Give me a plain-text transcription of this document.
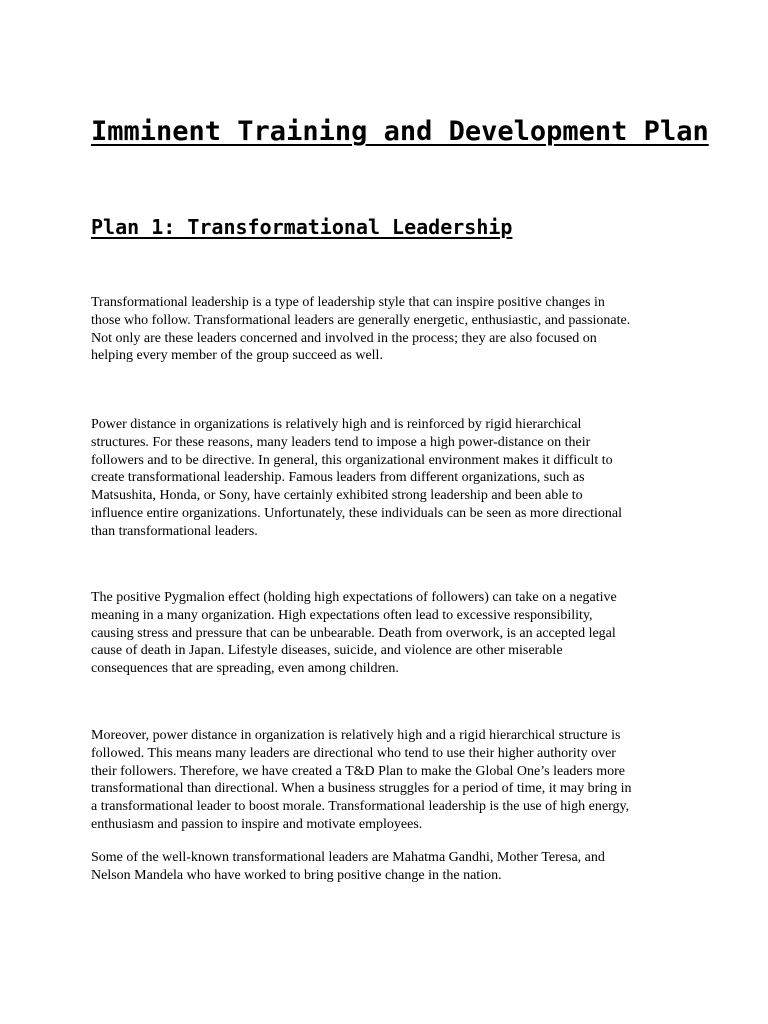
Imminent Training and Development Plan
Plan 1: Transformational Leadership
Transformational leadership is a type of leadership style that can inspire positive changes in
those who follow. Transformational leaders are generally energetic, enthusiastic, and passionate.
Not only are these leaders concerned and involved in the process; they are also focused on
helping every member of the group succeed as well.
Power distance in organizations is relatively high and is reinforced by rigid hierarchical
structures. For these reasons, many leaders tend to impose a high power-distance on their
followers and to be directive. In general, this organizational environment makes it difficult to
create transformational leadership. Famous leaders from different organizations, such as
Matsushita, Honda, or Sony, have certainly exhibited strong leadership and been able to
influence entire organizations. Unfortunately, these individuals can be seen as more directional
than transformational leaders.
The positive Pygmalion effect (holding high expectations of followers) can take on a negative
meaning in a many organization. High expectations often lead to excessive responsibility,
causing stress and pressure that can be unbearable. Death from overwork, is an accepted legal
cause of death in Japan. Lifestyle diseases, suicide, and violence are other miserable
consequences that are spreading, even among children.
Moreover, power distance in organization is relatively high and a rigid hierarchical structure is
followed. This means many leaders are directional who tend to use their higher authority over
their followers. Therefore, we have created a T&D Plan to make the Global One’s leaders more
transformational than directional. When a business struggles for a period of time, it may bring in
a transformational leader to boost morale. Transformational leadership is the use of high energy,
enthusiasm and passion to inspire and motivate employees.
Some of the well-known transformational leaders are Mahatma Gandhi, Mother Teresa, and
Nelson Mandela who have worked to bring positive change in the nation.
